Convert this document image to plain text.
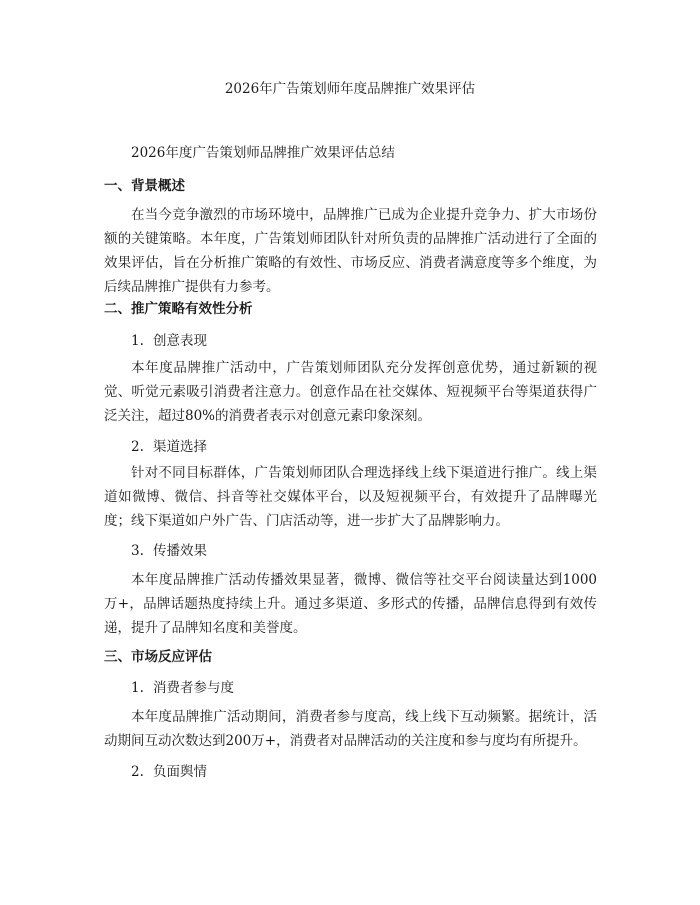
2026年广告策划师年度品牌推广效果评估
2026年度广告策划师品牌推广效果评估总结
一、背景概述

在当今竞争激烈的市场环境中，品牌推广已成为企业提升竞争力、扩大市场份额的关键策略。本年度，广告策划师团队针对所负责的品牌推广活动进行了全面的效果评估，旨在分析推广策略的有效性、市场反应、消费者满意度等多个维度，为后续品牌推广提供有力参考。

二、推广策略有效性分析
1. 创意表现

本年度品牌推广活动中，广告策划师团队充分发挥创意优势，通过新颖的视觉、听觉元素吸引消费者注意力。创意作品在社交媒体、短视频平台等渠道获得广泛关注，超过80%的消费者表示对创意元素印象深刻。

2. 渠道选择

针对不同目标群体，广告策划师团队合理选择线上线下渠道进行推广。线上渠道如微博、微信、抖音等社交媒体平台，以及短视频平台，有效提升了品牌曝光度；线下渠道如户外广告、门店活动等，进一步扩大了品牌影响力。

3. 传播效果

本年度品牌推广活动传播效果显著，微博、微信等社交平台阅读量达到1000万+，品牌话题热度持续上升。通过多渠道、多形式的传播，品牌信息得到有效传递，提升了品牌知名度和美誉度。

三、市场反应评估
1. 消费者参与度

本年度品牌推广活动期间，消费者参与度高，线上线下互动频繁。据统计，活动期间互动次数达到200万+，消费者对品牌活动的关注度和参与度均有所提升。

2. 负面舆情
